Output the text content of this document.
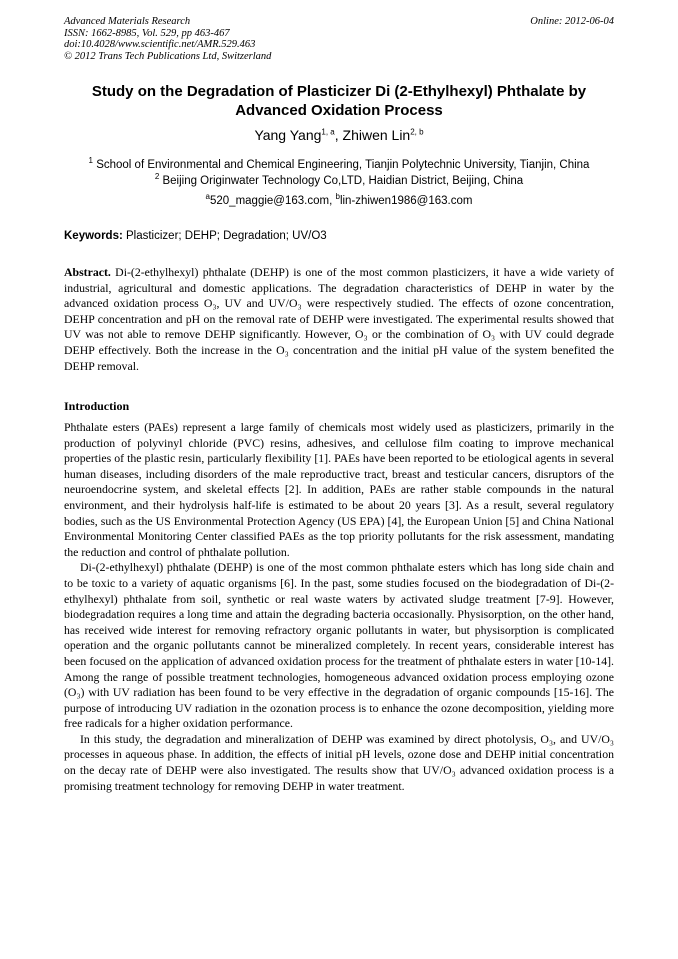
Advanced Materials Research
ISSN: 1662-8985, Vol. 529, pp 463-467
doi:10.4028/www.scientific.net/AMR.529.463
© 2012 Trans Tech Publications Ltd, Switzerland
Online: 2012-06-04
Study on the Degradation of Plasticizer Di (2-Ethylhexyl) Phthalate by Advanced Oxidation Process
Yang Yang$^{1, a}$, Zhiwen Lin$^{2, b}$
$^1$ School of Environmental and Chemical Engineering, Tianjin Polytechnic University, Tianjin, China
$^2$ Beijing Originwater Technology Co,LTD, Haidian District, Beijing, China
$^a$520_maggie@163.com, $^b$lin-zhiwen1986@163.com
Keywords: Plasticizer; DEHP; Degradation; UV/O3

Abstract. Di-(2-ethylhexyl) phthalate (DEHP) is one of the most common plasticizers, it have a wide variety of industrial, agricultural and domestic applications. The degradation characteristics of DEHP in water by the advanced oxidation process O₃, UV and UV/O₃ were respectively studied. The effects of ozone concentration, DEHP concentration and pH on the removal rate of DEHP were investigated. The experimental results showed that UV was not able to remove DEHP significantly. However, O₃ or the combination of O₃ with UV could degrade DEHP effectively. Both the increase in the O₃ concentration and the initial pH value of the system benefited the DEHP removal.

Introduction

Phthalate esters (PAEs) represent a large family of chemicals most widely used as plasticizers, primarily in the production of polyvinyl chloride (PVC) resins, adhesives, and cellulose film coating to improve mechanical properties of the plastic resin, particularly flexibility [1]. PAEs have been reported to be etiological agents in several human diseases, including disorders of the male reproductive tract, breast and testicular cancers, disruptors of the neuroendocrine system, and skeletal effects [2]. In addition, PAEs are rather stable compounds in the natural environment, and their hydrolysis half-life is estimated to be about 20 years [3]. As a result, several regulatory bodies, such as the US Environmental Protection Agency (US EPA) [4], the European Union [5] and China National Environmental Monitoring Center classified PAEs as the top priority pollutants for the risk assessment, mandating the reduction and control of phthalate pollution.

Di-(2-ethylhexyl) phthalate (DEHP) is one of the most common phthalate esters which has long side chain and to be toxic to a variety of aquatic organisms [6]. In the past, some studies focused on the biodegradation of Di-(2-ethylhexyl) phthalate from soil, synthetic or real waste waters by activated sludge treatment [7-9]. However, biodegradation requires a long time and attain the degrading bacteria occasionally. Physisorption, on the other hand, has received wide interest for removing refractory organic pollutants in water, but physisorption is complicated operation and the organic pollutants cannot be mineralized completely. In recent years, considerable interest has been focused on the application of advanced oxidation process for the treatment of phthalate esters in water [10-14]. Among the range of possible treatment technologies, homogeneous advanced oxidation process employing ozone (O₃) with UV radiation has been found to be very effective in the degradation of organic compounds [15-16]. The purpose of introducing UV radiation in the ozonation process is to enhance the ozone decomposition, yielding more free radicals for a higher oxidation performance.

In this study, the degradation and mineralization of DEHP was examined by direct photolysis, O₃, and UV/O₃ processes in aqueous phase. In addition, the effects of initial pH levels, ozone dose and DEHP initial concentration on the decay rate of DEHP were also investigated. The results show that UV/O₃ advanced oxidation process is a promising treatment technology for removing DEHP in water treatment.
